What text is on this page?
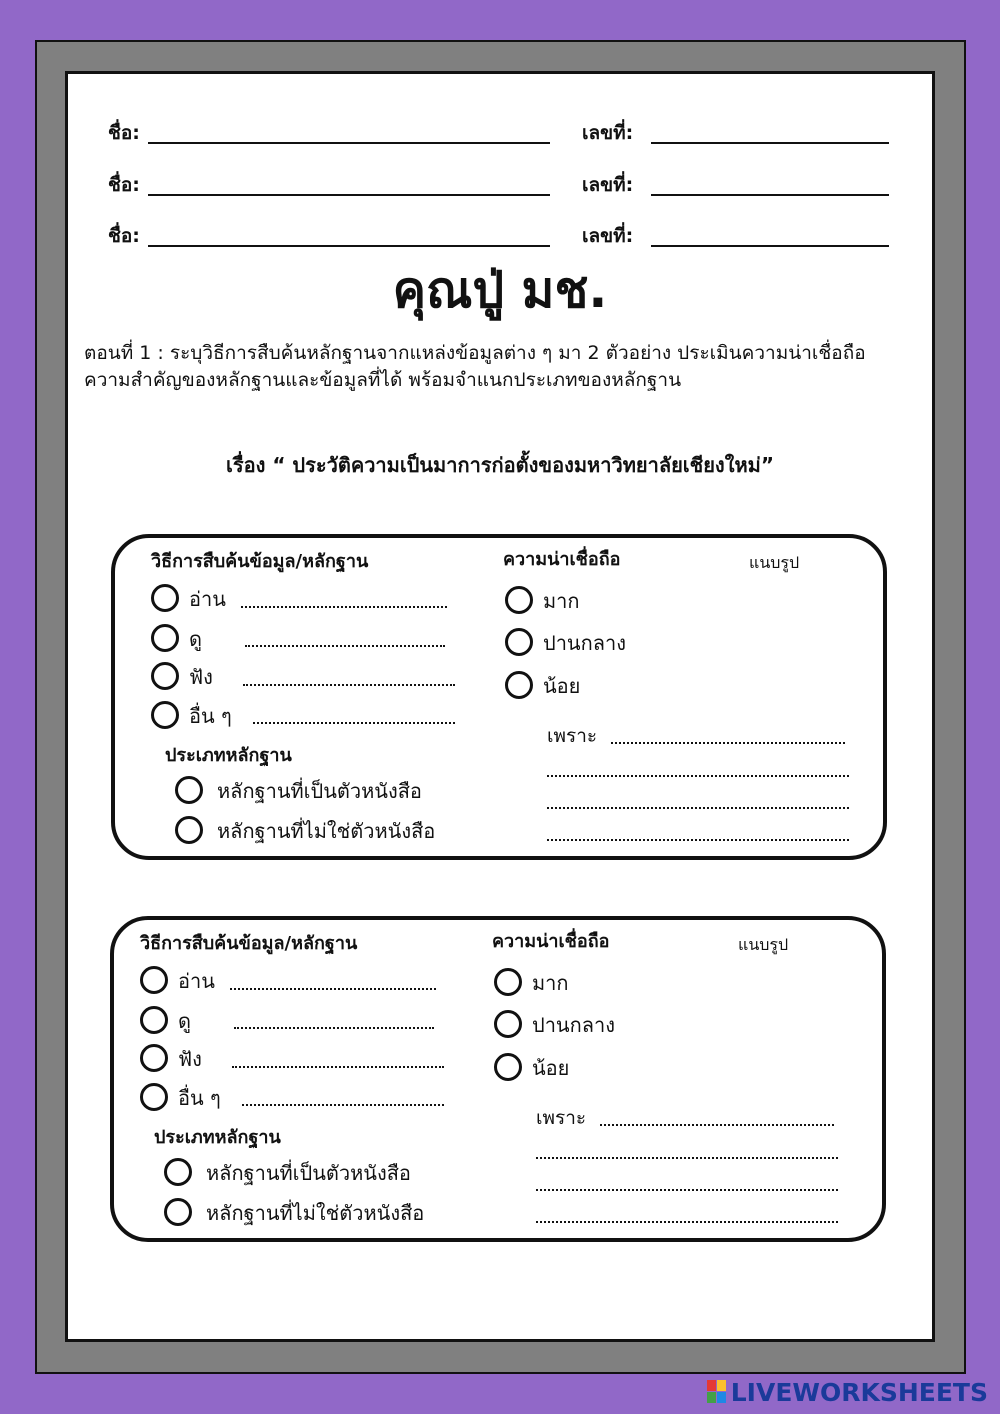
ชื่อ:	เลขที่:
ชื่อ:	เลขที่:
ชื่อ:	เลขที่:
คุณปู่ มช.
ตอนที่ 1 : ระบุวิธีการสืบค้นหลักฐานจากแหล่งข้อมูลต่าง ๆ มา 2 ตัวอย่าง ประเมินความน่าเชื่อถือ ความสำคัญของหลักฐานและข้อมูลที่ได้ พร้อมจำแนกประเภทของหลักฐาน
เรื่อง “ ประวัติความเป็นมาการก่อตั้งของมหาวิทยาลัยเชียงใหม่”
วิธีการสืบค้นข้อมูล/หลักฐาน	ความน่าเชื่อถือ	แนบรูป
อ่าน
ดู
ฟัง
อื่น ๆ
ประเภทหลักฐาน
หลักฐานที่เป็นตัวหนังสือ
หลักฐานที่ไม่ใช่ตัวหนังสือ
มาก
ปานกลาง
น้อย
เพราะ
วิธีการสืบค้นข้อมูล/หลักฐาน	ความน่าเชื่อถือ	แนบรูป
อ่าน
ดู
ฟัง
อื่น ๆ
ประเภทหลักฐาน
หลักฐานที่เป็นตัวหนังสือ
หลักฐานที่ไม่ใช่ตัวหนังสือ
มาก
ปานกลาง
น้อย
เพราะ
LIVEWORKSHEETS
